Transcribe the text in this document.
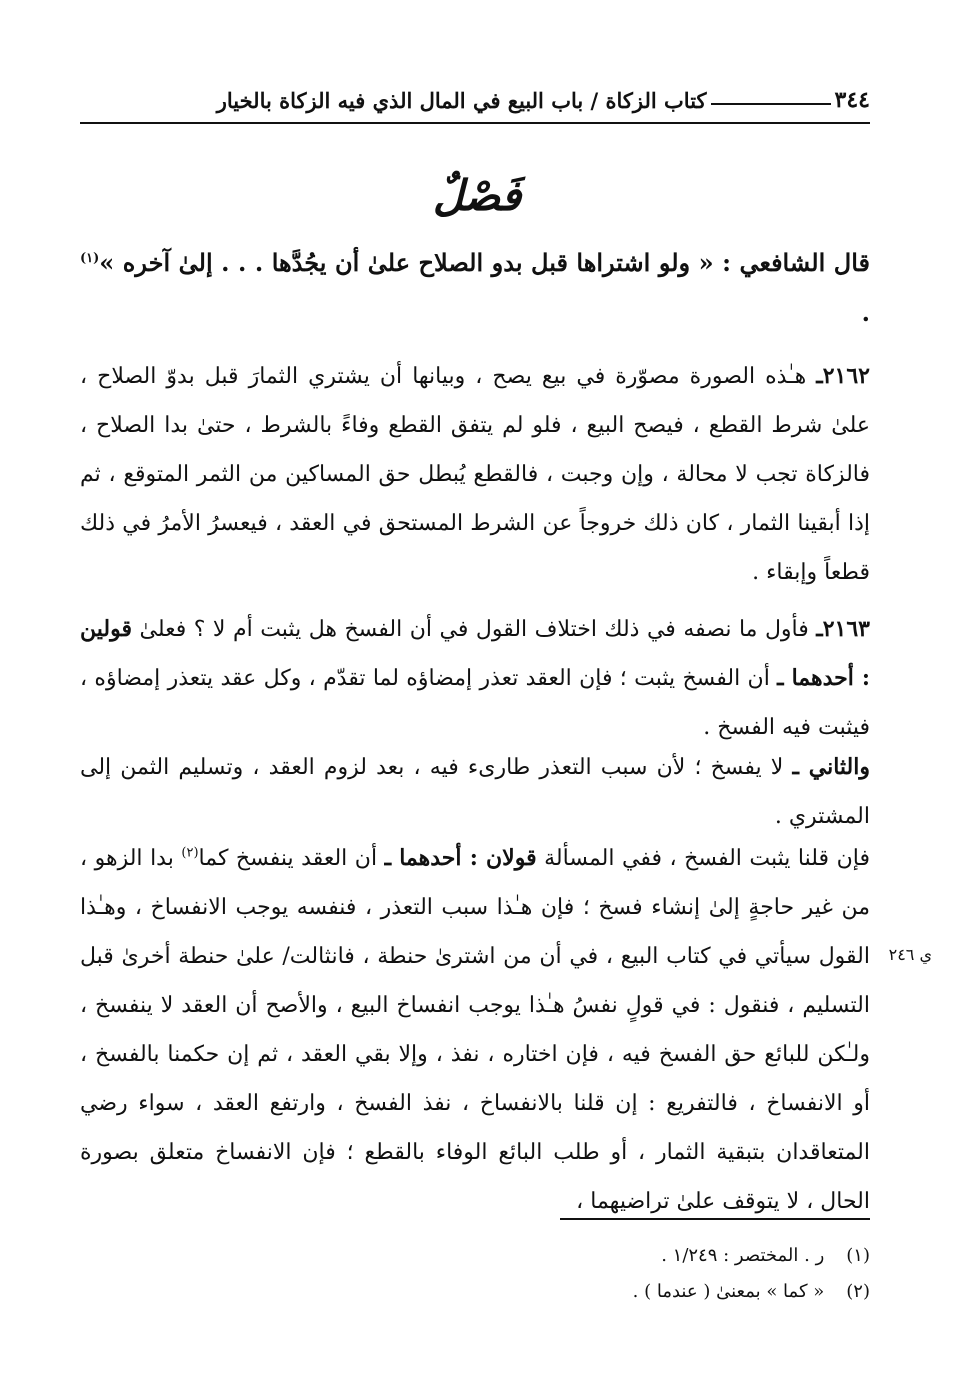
٣٤٤
كتاب الزكاة / باب البيع في المال الذي فيه الزكاة بالخيار
فَصْلٌ
قال الشافعي : « ولو اشتراها قبل بدو الصلاح علىٰ أن يجُدَّها . . . إلىٰ آخره »$^{(١)}$ .
٢١٦٢ـ هـٰذه الصورة مصوّرة في بيع يصح ، وبيانها أن يشتري الثمارَ قبل بدوّ الصلاح ، علىٰ شرط القطع ، فيصح البيع ، فلو لم يتفق القطع وفاءً بالشرط ، حتىٰ بدا الصلاح ، فالزكاة تجب لا محالة ، وإن وجبت ، فالقطع يُبطل حق المساكين من الثمر المتوقع ، ثم إذا أبقينا الثمار ، كان ذلك خروجاً عن الشرط المستحق في العقد ، فيعسرُ الأمرُ في ذلك قطعاً وإبقاء .
٢١٦٣ـ فأول ما نصفه في ذلك اختلاف القول في أن الفسخ هل يثبت أم لا ؟ فعلىٰ قولين : أحدهما ـ أن الفسخ يثبت ؛ فإن العقد تعذر إمضاؤه لما تقدّم ، وكل عقد يتعذر إمضاؤه ، فيثبت فيه الفسخ .
والثاني ـ لا يفسخ ؛ لأن سبب التعذر طارىء فيه ، بعد لزوم العقد ، وتسليم الثمن إلى المشتري .
فإن قلنا يثبت الفسخ ، ففي المسألة قولان : أحدهما ـ أن العقد ينفسخ كما$^{(٢)}$ بدا الزهو ، من غير حاجةٍ إلىٰ إنشاء فسخ ؛ فإن هـٰذا سبب التعذر ، فنفسه يوجب الانفساخ ، وهـٰذا القول سيأتي في كتاب البيع ، في أن من اشترىٰ حنطة ، فانثالت/ علىٰ حنطة أخرىٰ قبل التسليم ، فنقول : في قولٍ نفسُ هـٰذا يوجب انفساخ البيع ، والأصح أن العقد لا ينفسخ ، ولـٰكن للبائع حق الفسخ فيه ، فإن اختاره ، نفذ ، وإلا بقي العقد ، ثم إن حكمنا بالفسخ ، أو الانفساخ ، فالتفريع : إن قلنا بالانفساخ ، نفذ الفسخ ، وارتفع العقد ، سواء رضي المتعاقدان بتبقية الثمار ، أو طلب البائع الوفاء بالقطع ؛ فإن الانفساخ متعلق بصورة الحال ، لا يتوقف علىٰ تراضيهما ،
ي ٢٤٦
(١) ر . المختصر : ١/٢٤٩ .
(٢) « كما » بمعنىٰ ( عندما ) .
